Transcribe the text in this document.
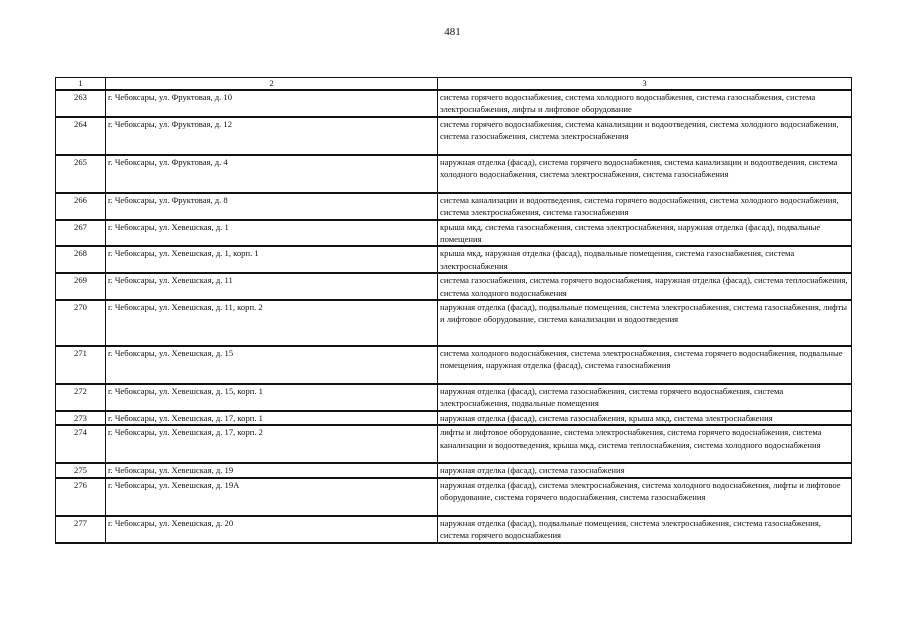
481
1	2	3
263	г. Чебоксары, ул. Фруктовая, д. 10	система горячего водоснабжения, система холодного водоснабжения, система газоснабжения, система электроснабжения, лифты и лифтовое оборудование
264	г. Чебоксары, ул. Фруктовая, д. 12	система горячего водоснабжения, система канализации и водоотведения, система холодного водоснабжения, система газоснабжения, система электроснабжения
265	г. Чебоксары, ул. Фруктовая, д. 4	наружная отделка (фасад), система горячего водоснабжения, система канализации и водоотведения, система холодного водоснабжения, система электроснабжения, система газоснабжения
266	г. Чебоксары, ул. Фруктовая, д. 8	система канализации и водоотведения, система горячего водоснабжения, система холодного водоснабжения, система электроснабжения, система газоснабжения
267	г. Чебоксары, ул. Хевешская, д. 1	крыша мкд, система газоснабжения, система электроснабжения, наружная отделка (фасад), подвальные помещения
268	г. Чебоксары, ул. Хевешская, д. 1, корп. 1	крыша мкд, наружная отделка (фасад), подвальные помещения, система газоснабжения, система электроснабжения
269	г. Чебоксары, ул. Хевешская, д. 11	система газоснабжения, система горячего водоснабжения, наружная отделка (фасад), система теплоснабжения, система холодного водоснабжения
270	г. Чебоксары, ул. Хевешская, д. 11, корп. 2	наружная отделка (фасад), подвальные помещения, система электроснабжения, система газоснабжения, лифты и лифтовое оборудование, система канализации и водоотведения
271	г. Чебоксары, ул. Хевешская, д. 15	система холодного водоснабжения, система электроснабжения, система горячего водоснабжения, подвальные помещения, наружная отделка (фасад), система газоснабжения
272	г. Чебоксары, ул. Хевешская, д. 15, корп. 1	наружная отделка (фасад), система газоснабжения, система горячего водоснабжения, система электроснабжения, подвальные помещения
273	г. Чебоксары, ул. Хевешская, д. 17, корп. 1	наружная отделка (фасад), система газоснабжения, крыша мкд, система электроснабжения
274	г. Чебоксары, ул. Хевешская, д. 17, корп. 2	лифты и лифтовое оборудование, система электроснабжения, система горячего водоснабжения, система канализации и водоотведения, крыша мкд, система теплоснабжения, система холодного водоснабжения
275	г. Чебоксары, ул. Хевешская, д. 19	наружная отделка (фасад), система газоснабжения
276	г. Чебоксары, ул. Хевешская, д. 19А	наружная отделка (фасад), система электроснабжения, система холодного водоснабжения, лифты и лифтовое оборудование, система горячего водоснабжения, система газоснабжения
277	г. Чебоксары, ул. Хевешская, д. 20	наружная отделка (фасад), подвальные помещения, система электроснабжения, система газоснабжения, система горячего водоснабжения
